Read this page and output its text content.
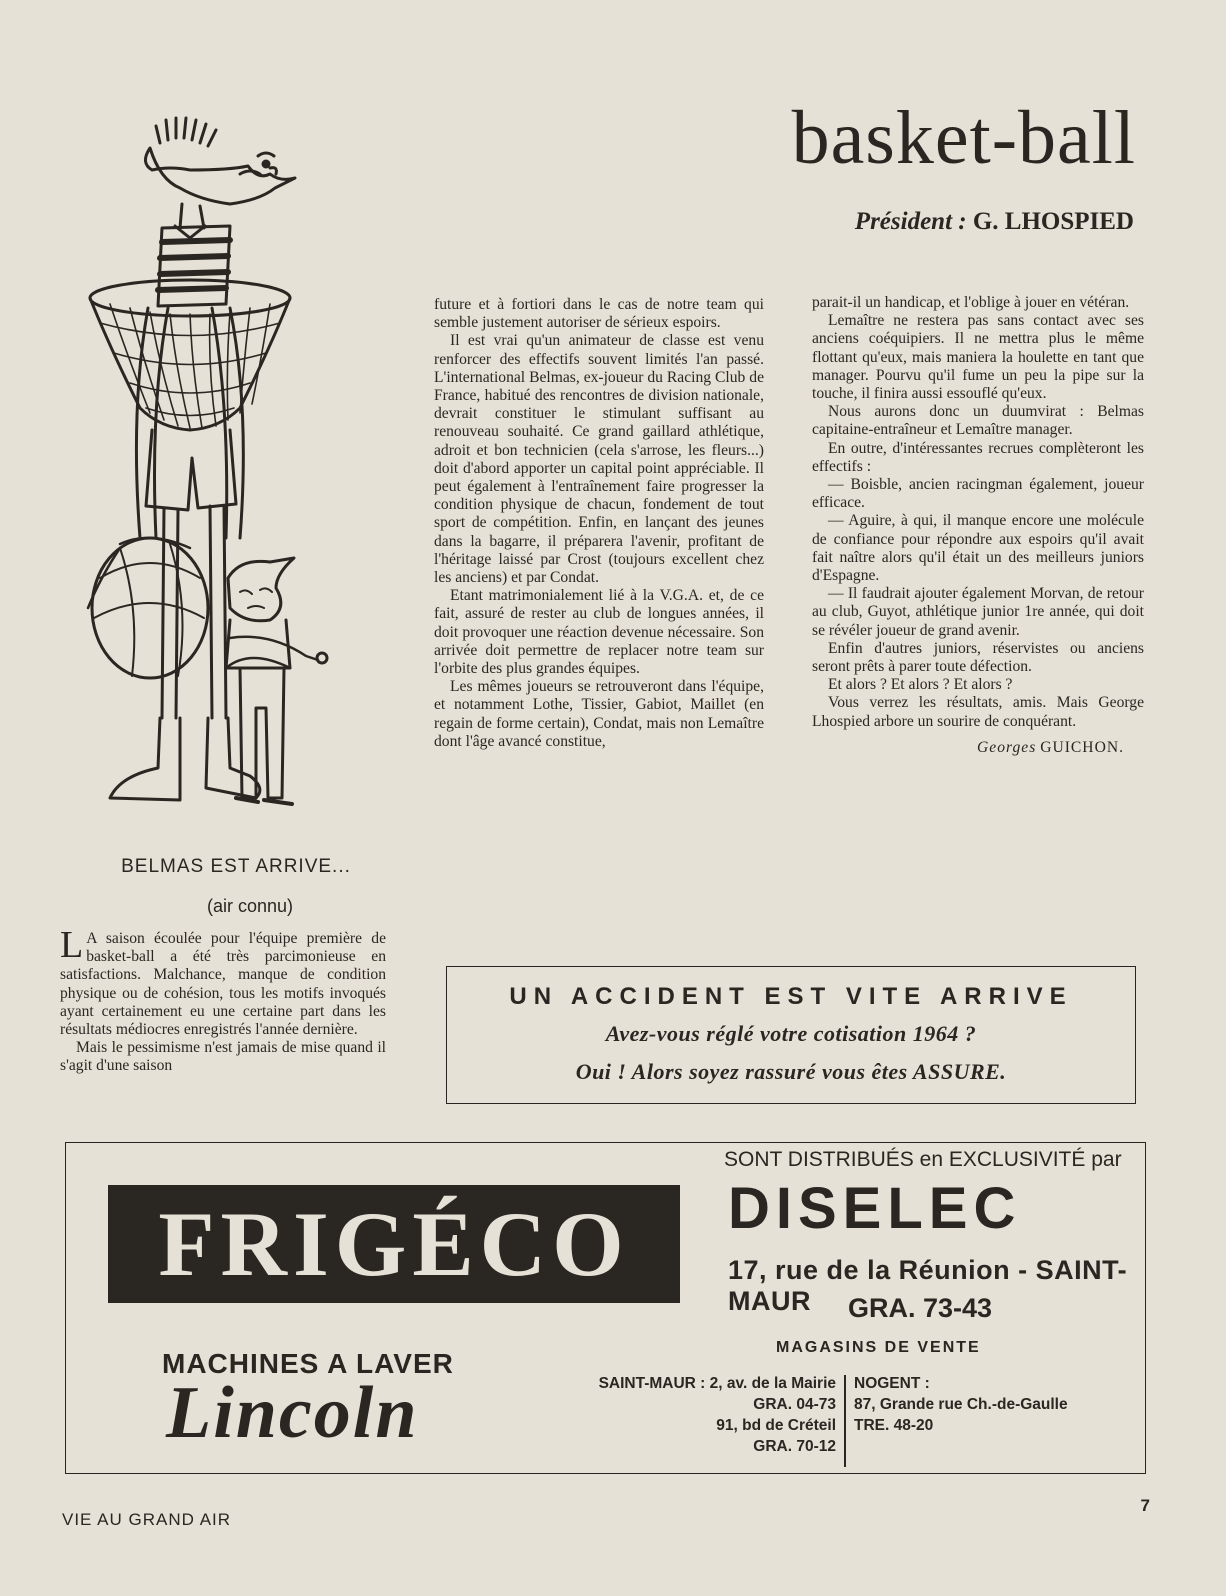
basket-ball
Président : G. LHOSPIED
BELMAS EST ARRIVE...
(air connu)

L A saison écoulée pour l'équipe première de basket-ball a été très parcimonieuse en satisfactions. Malchance, manque de condition physique ou de cohésion, tous les motifs invoqués ayant certainement eu une certaine part dans les résultats médiocres enregistrés l'année dernière.

Mais le pessimisme n'est jamais de mise quand il s'agit d'une saison

future et à fortiori dans le cas de notre team qui semble justement autoriser de sérieux espoirs.

Il est vrai qu'un animateur de classe est venu renforcer des effectifs souvent limités l'an passé. L'international Belmas, ex-joueur du Racing Club de France, habitué des rencontres de division nationale, devrait constituer le stimulant suffisant au renouveau souhaité. Ce grand gaillard athlétique, adroit et bon technicien (cela s'arrose, les fleurs...) doit d'abord apporter un capital point appréciable. Il peut également à l'entraînement faire progresser la condition physique de chacun, fondement de tout sport de compétition. Enfin, en lançant des jeunes dans la bagarre, il préparera l'avenir, profitant de l'héritage laissé par Crost (toujours excellent chez les anciens) et par Condat.

Etant matrimonialement lié à la V.G.A. et, de ce fait, assuré de rester au club de longues années, il doit provoquer une réaction devenue nécessaire. Son arrivée doit permettre de replacer notre team sur l'orbite des plus grandes équipes.

Les mêmes joueurs se retrouveront dans l'équipe, et notamment Lothe, Tissier, Gabiot, Maillet (en regain de forme certain), Condat, mais non Lemaître dont l'âge avancé constitue,

parait-il un handicap, et l'oblige à jouer en vétéran.

Lemaître ne restera pas sans contact avec ses anciens coéquipiers. Il ne mettra plus le même flottant qu'eux, mais maniera la houlette en tant que manager. Pourvu qu'il fume un peu la pipe sur la touche, il finira aussi essouflé qu'eux.

Nous aurons donc un duumvirat : Belmas capitaine-entraîneur et Lemaître manager.

En outre, d'intéressantes recrues complèteront les effectifs :

— Boisble, ancien racingman également, joueur efficace.

— Aguire, à qui, il manque encore une molécule de confiance pour répondre aux espoirs qu'il avait fait naître alors qu'il était un des meilleurs juniors d'Espagne.

— Il faudrait ajouter également Morvan, de retour au club, Guyot, athlétique junior 1re année, qui doit se révéler joueur de grand avenir.

Enfin d'autres juniors, réservistes ou anciens seront prêts à parer toute défection.

Et alors ? Et alors ? Et alors ?

Vous verrez les résultats, amis. Mais George Lhospied arbore un sourire de conquérant.

Georges GUICHON.
UN ACCIDENT EST VITE ARRIVE
Avez-vous réglé votre cotisation 1964 ?
Oui ! Alors soyez rassuré vous êtes ASSURE.
FRIGÉCO
MACHINES A LAVER
Lincoln
SONT DISTRIBUÉS en EXCLUSIVITÉ par
DISELEC
17, rue de la Réunion - SAINT-MAUR	GRA. 73-43
MAGASINS DE VENTE
SAINT-MAUR : 2, av. de la Mairie
GRA. 04-73
91, bd de Créteil
GRA. 70-12
NOGENT :
87, Grande rue Ch.-de-Gaulle
TRE. 48-20
VIE AU GRAND AIR
7
